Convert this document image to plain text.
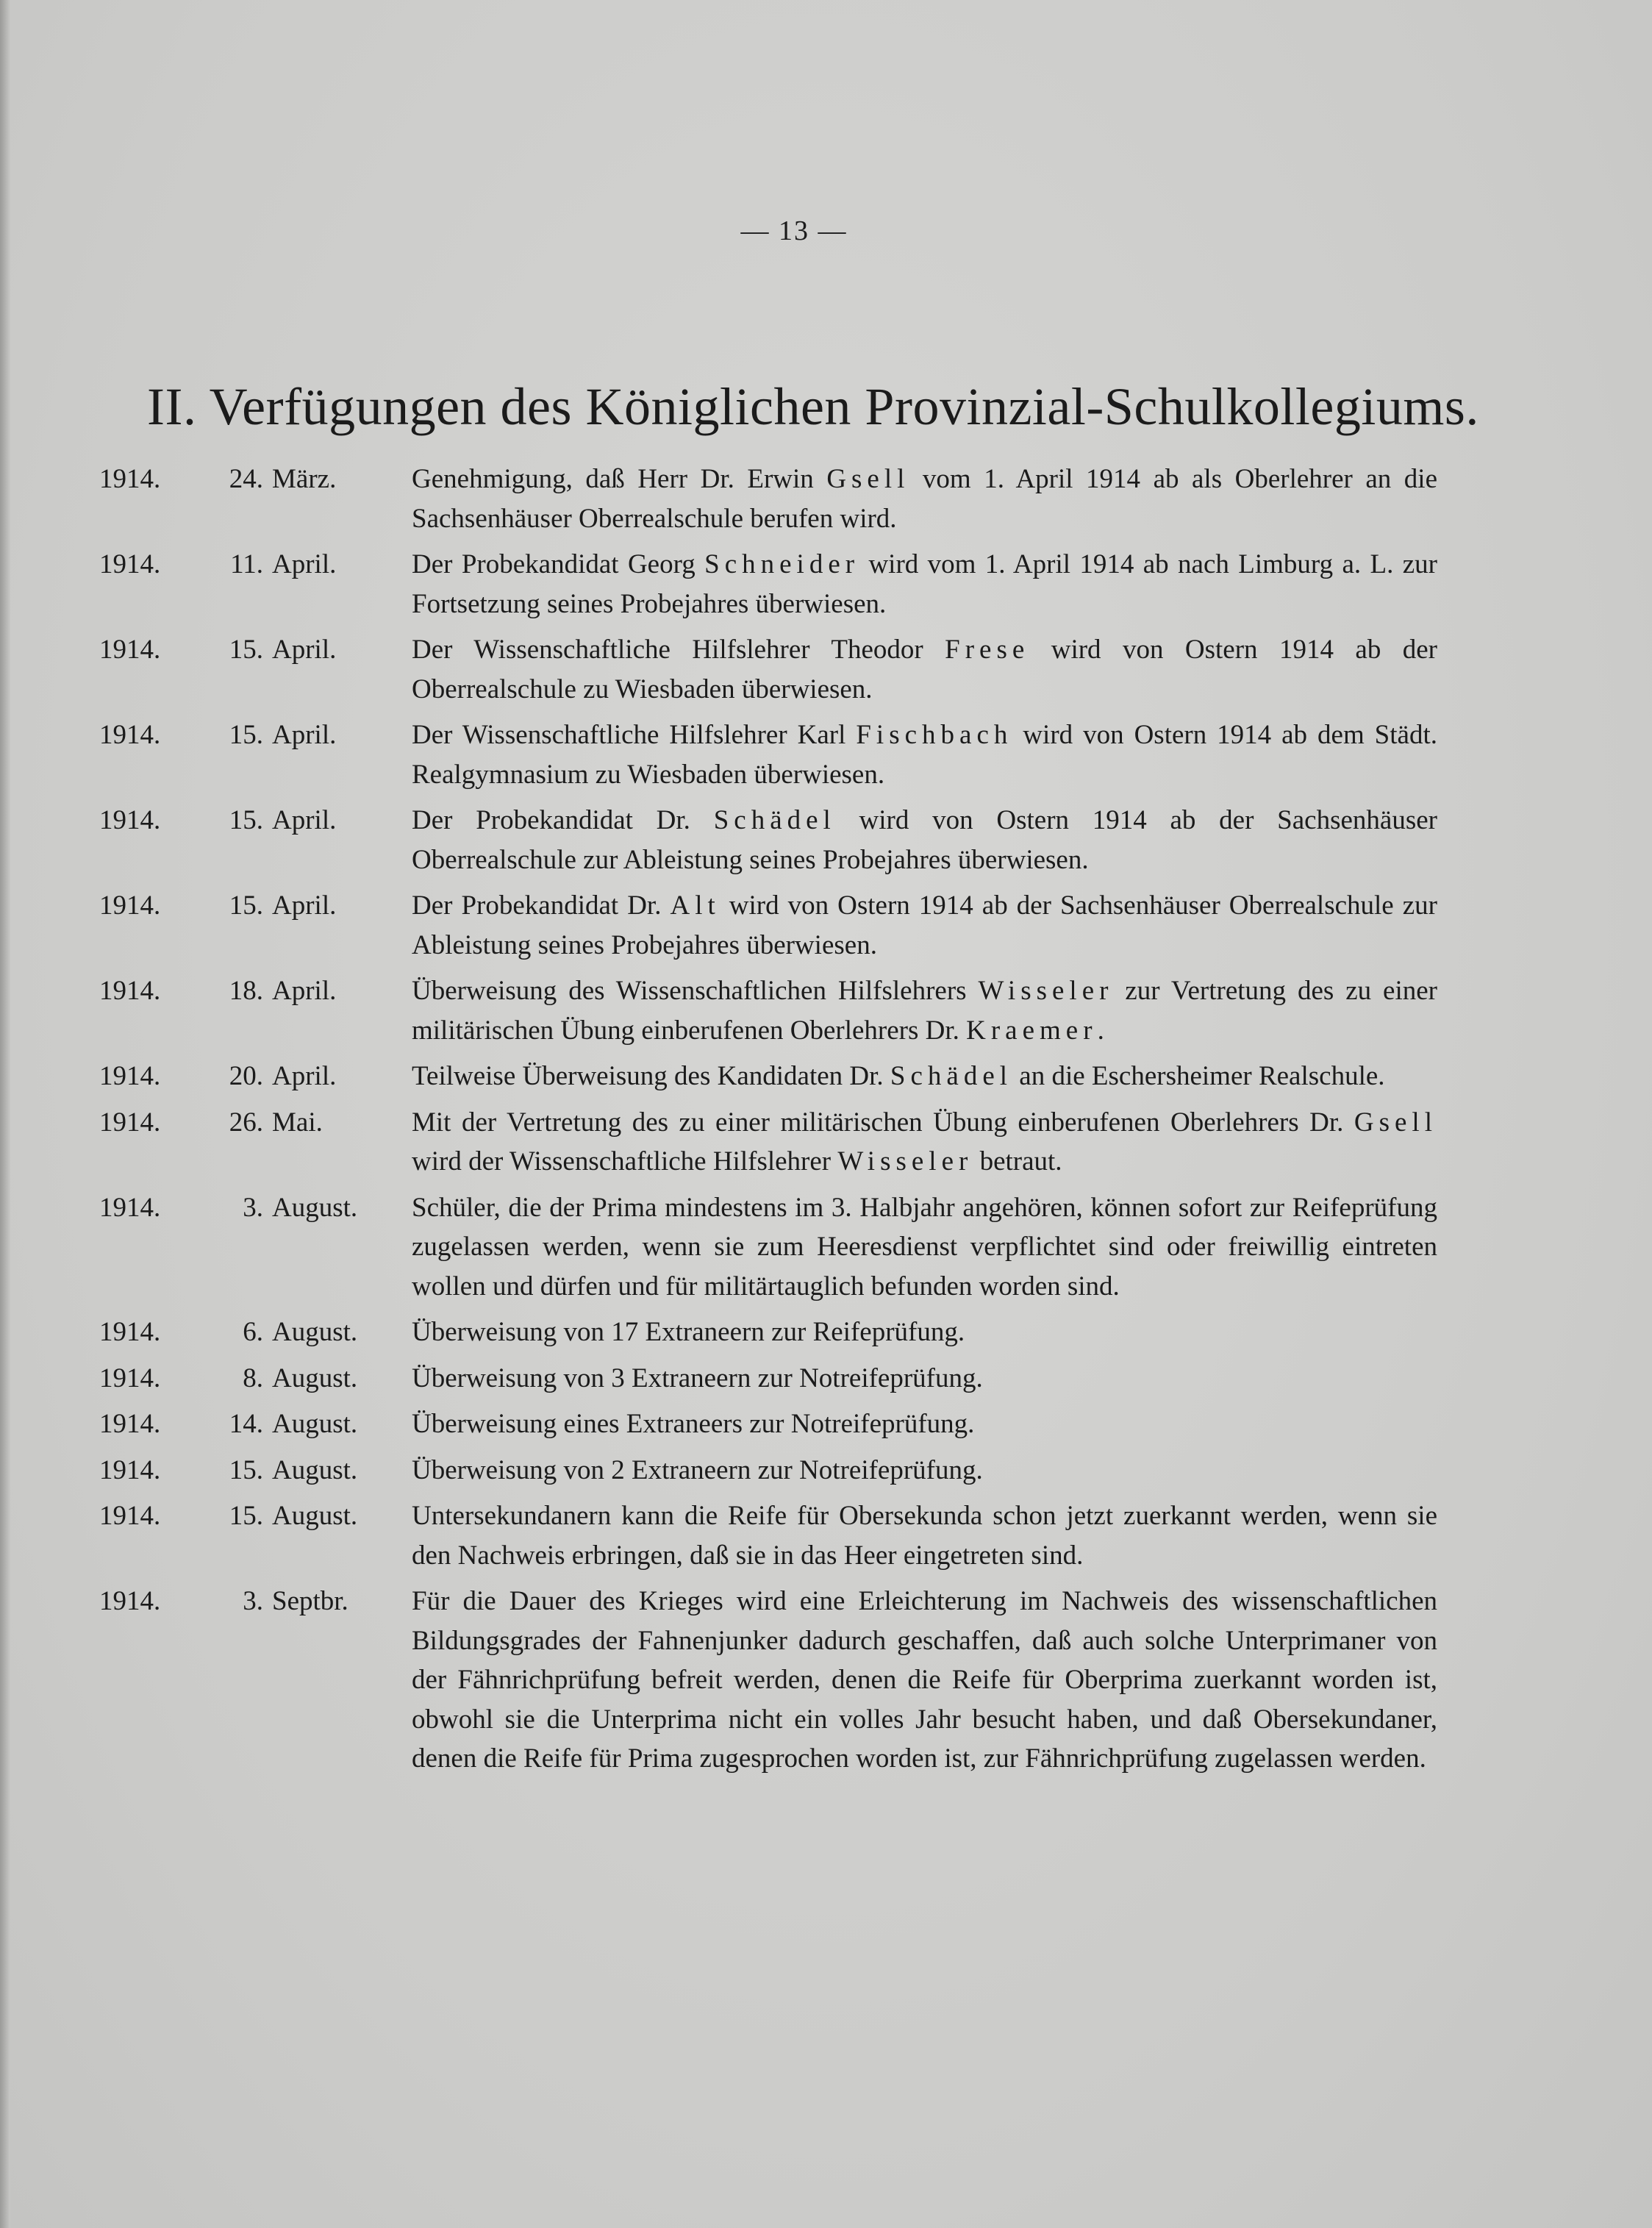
— 13 —
II. Verfügungen des Königlichen Provinzial-Schulkollegiums.
1914.	24. März.	Genehmigung, daß Herr Dr. Erwin Gsell vom 1. April 1914 ab als Oberlehrer an die Sachsenhäuser Oberrealschule berufen wird.
1914.	11. April.	Der Probekandidat Georg Schneider wird vom 1. April 1914 ab nach Limburg a. L. zur Fortsetzung seines Probejahres überwiesen.
1914.	15. April.	Der Wissenschaftliche Hilfslehrer Theodor Frese wird von Ostern 1914 ab der Oberrealschule zu Wiesbaden überwiesen.
1914.	15. April.	Der Wissenschaftliche Hilfslehrer Karl Fischbach wird von Ostern 1914 ab dem Städt. Realgymnasium zu Wiesbaden überwiesen.
1914.	15. April.	Der Probekandidat Dr. Schädel wird von Ostern 1914 ab der Sachsenhäuser Oberrealschule zur Ableistung seines Probejahres überwiesen.
1914.	15. April.	Der Probekandidat Dr. Alt wird von Ostern 1914 ab der Sachsenhäuser Oberrealschule zur Ableistung seines Probejahres überwiesen.
1914.	18. April.	Überweisung des Wissenschaftlichen Hilfslehrers Wisseler zur Vertretung des zu einer militärischen Übung einberufenen Oberlehrers Dr. Kraemer.
1914.	20. April.	Teilweise Überweisung des Kandidaten Dr. Schädel an die Eschersheimer Realschule.
1914.	26. Mai.	Mit der Vertretung des zu einer militärischen Übung einberufenen Oberlehrers Dr. Gsell wird der Wissenschaftliche Hilfslehrer Wisseler betraut.
1914.	3. August.	Schüler, die der Prima mindestens im 3. Halbjahr angehören, können sofort zur Reifeprüfung zugelassen werden, wenn sie zum Heeresdienst verpflichtet sind oder freiwillig eintreten wollen und dürfen und für militärtauglich befunden worden sind.
1914.	6. August.	Überweisung von 17 Extraneern zur Reifeprüfung.
1914.	8. August.	Überweisung von 3 Extraneern zur Notreifeprüfung.
1914.	14. August.	Überweisung eines Extraneers zur Notreifeprüfung.
1914.	15. August.	Überweisung von 2 Extraneern zur Notreifeprüfung.
1914.	15. August.	Untersekundanern kann die Reife für Obersekunda schon jetzt zuerkannt werden, wenn sie den Nachweis erbringen, daß sie in das Heer eingetreten sind.
1914.	3. Septbr.	Für die Dauer des Krieges wird eine Erleichterung im Nachweis des wissenschaftlichen Bildungsgrades der Fahnenjunker dadurch geschaffen, daß auch solche Unterprimaner von der Fähnrichprüfung befreit werden, denen die Reife für Oberprima zuerkannt worden ist, obwohl sie die Unterprima nicht ein volles Jahr besucht haben, und daß Obersekundaner, denen die Reife für Prima zugesprochen worden ist, zur Fähnrichprüfung zugelassen werden.
